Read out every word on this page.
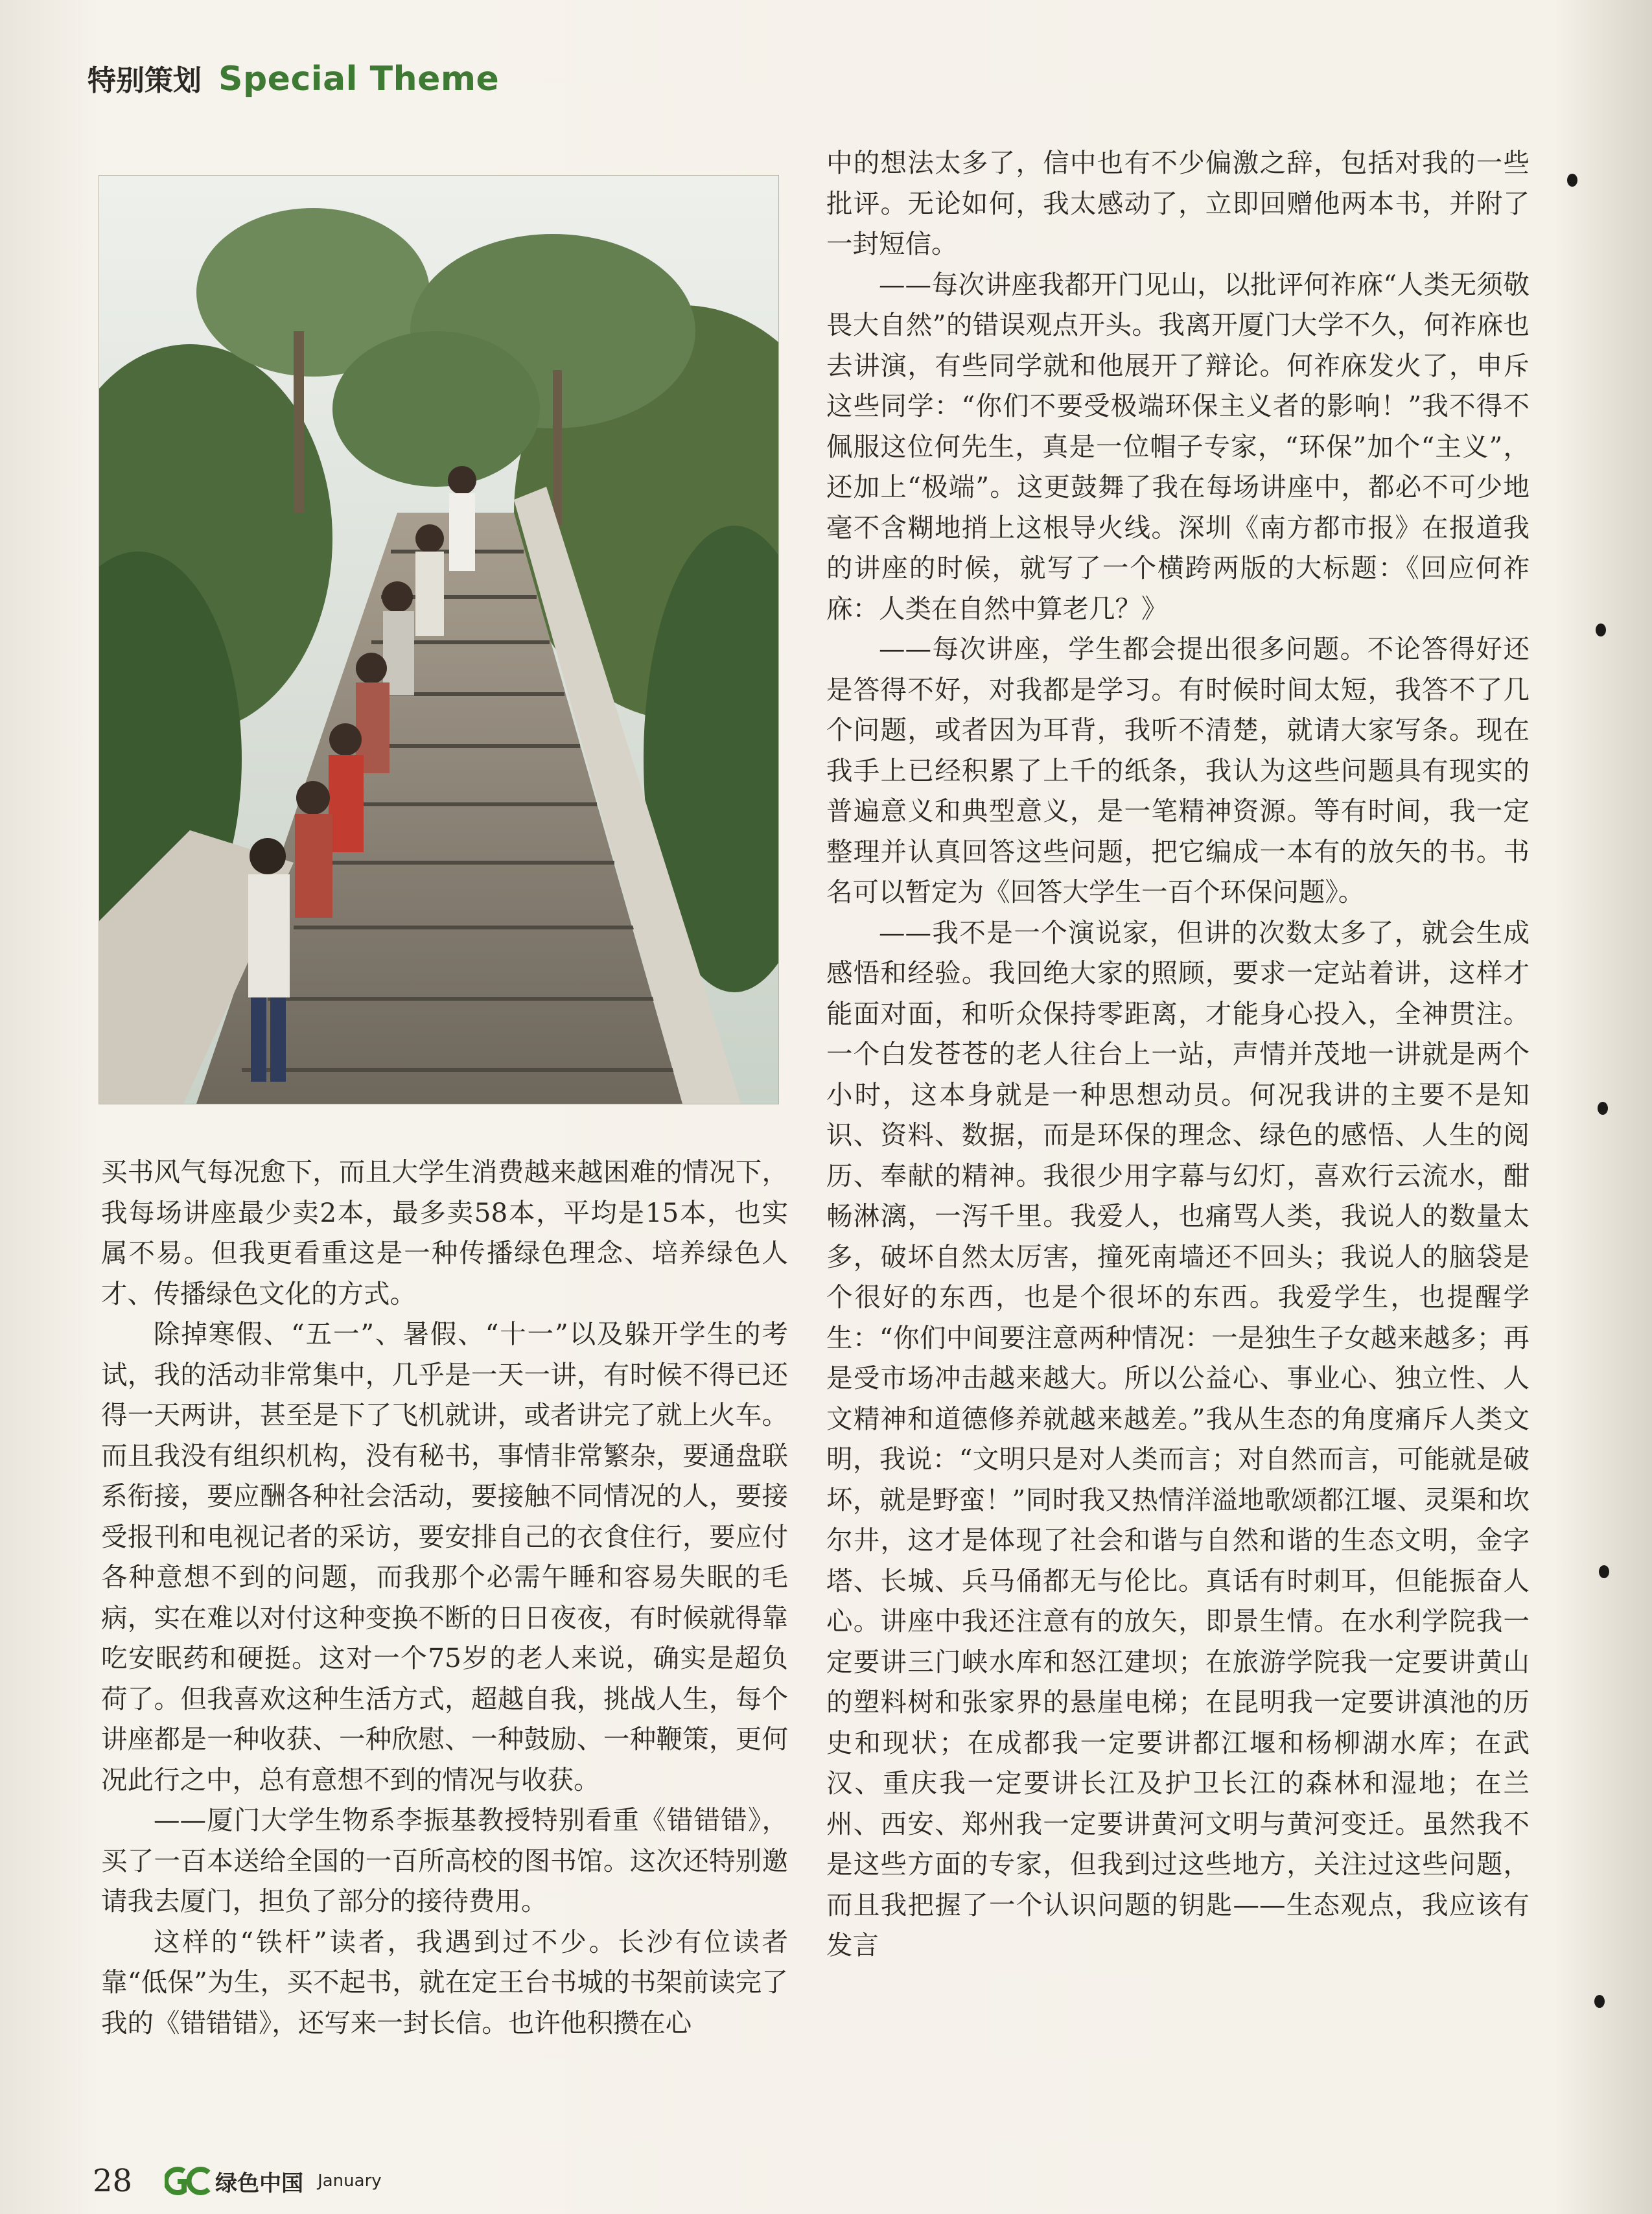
特别策划 Special Theme

买书风气每况愈下，而且大学生消费越来越困难的情况下，我每场讲座最少卖2本，最多卖58本，平均是15本，也实属不易。但我更看重这是一种传播绿色理念、培养绿色人才、传播绿色文化的方式。

除掉寒假、“五一”、暑假、“十一”以及躲开学生的考试，我的活动非常集中，几乎是一天一讲，有时候不得已还得一天两讲，甚至是下了飞机就讲，或者讲完了就上火车。而且我没有组织机构，没有秘书，事情非常繁杂，要通盘联系衔接，要应酬各种社会活动，要接触不同情况的人，要接受报刊和电视记者的采访，要安排自己的衣食住行，要应付各种意想不到的问题，而我那个必需午睡和容易失眠的毛病，实在难以对付这种变换不断的日日夜夜，有时候就得靠吃安眠药和硬挺。这对一个75岁的老人来说，确实是超负荷了。但我喜欢这种生活方式，超越自我，挑战人生，每个讲座都是一种收获、一种欣慰、一种鼓励、一种鞭策，更何况此行之中，总有意想不到的情况与收获。

——厦门大学生物系李振基教授特别看重《错错错》，买了一百本送给全国的一百所高校的图书馆。这次还特别邀请我去厦门，担负了部分的接待费用。

这样的“铁杆”读者，我遇到过不少。长沙有位读者靠“低保”为生，买不起书，就在定王台书城的书架前读完了我的《错错错》，还写来一封长信。也许他积攒在心

中的想法太多了，信中也有不少偏激之辞，包括对我的一些批评。无论如何，我太感动了，立即回赠他两本书，并附了一封短信。

——每次讲座我都开门见山，以批评何祚庥“人类无须敬畏大自然”的错误观点开头。我离开厦门大学不久，何祚庥也去讲演，有些同学就和他展开了辩论。何祚庥发火了，申斥这些同学：“你们不要受极端环保主义者的影响！”我不得不佩服这位何先生，真是一位帽子专家，“环保”加个“主义”，还加上“极端”。这更鼓舞了我在每场讲座中，都必不可少地毫不含糊地捎上这根导火线。深圳《南方都市报》在报道我的讲座的时候，就写了一个横跨两版的大标题：《回应何祚庥：人类在自然中算老几？》

——每次讲座，学生都会提出很多问题。不论答得好还是答得不好，对我都是学习。有时候时间太短，我答不了几个问题，或者因为耳背，我听不清楚，就请大家写条。现在我手上已经积累了上千的纸条，我认为这些问题具有现实的普遍意义和典型意义，是一笔精神资源。等有时间，我一定整理并认真回答这些问题，把它编成一本有的放矢的书。书名可以暂定为《回答大学生一百个环保问题》。

——我不是一个演说家，但讲的次数太多了，就会生成感悟和经验。我回绝大家的照顾，要求一定站着讲，这样才能面对面，和听众保持零距离，才能身心投入，全神贯注。一个白发苍苍的老人往台上一站，声情并茂地一讲就是两个小时，这本身就是一种思想动员。何况我讲的主要不是知识、资料、数据，而是环保的理念、绿色的感悟、人生的阅历、奉献的精神。我很少用字幕与幻灯，喜欢行云流水，酣畅淋漓，一泻千里。我爱人，也痛骂人类，我说人的数量太多，破坏自然太厉害，撞死南墙还不回头；我说人的脑袋是个很好的东西，也是个很坏的东西。我爱学生，也提醒学生：“你们中间要注意两种情况：一是独生子女越来越多；再是受市场冲击越来越大。所以公益心、事业心、独立性、人文精神和道德修养就越来越差。”我从生态的角度痛斥人类文明，我说：“文明只是对人类而言；对自然而言，可能就是破坏，就是野蛮！”同时我又热情洋溢地歌颂都江堰、灵渠和坎尔井，这才是体现了社会和谐与自然和谐的生态文明，金字塔、长城、兵马俑都无与伦比。真话有时刺耳，但能振奋人心。讲座中我还注意有的放矢，即景生情。在水利学院我一定要讲三门峡水库和怒江建坝；在旅游学院我一定要讲黄山的塑料树和张家界的悬崖电梯；在昆明我一定要讲滇池的历史和现状；在成都我一定要讲都江堰和杨柳湖水库；在武汉、重庆我一定要讲长江及护卫长江的森林和湿地；在兰州、西安、郑州我一定要讲黄河文明与黄河变迁。虽然我不是这些方面的专家，但我到过这些地方，关注过这些问题，而且我把握了一个认识问题的钥匙——生态观点，我应该有发言

28	绿色中国 January
